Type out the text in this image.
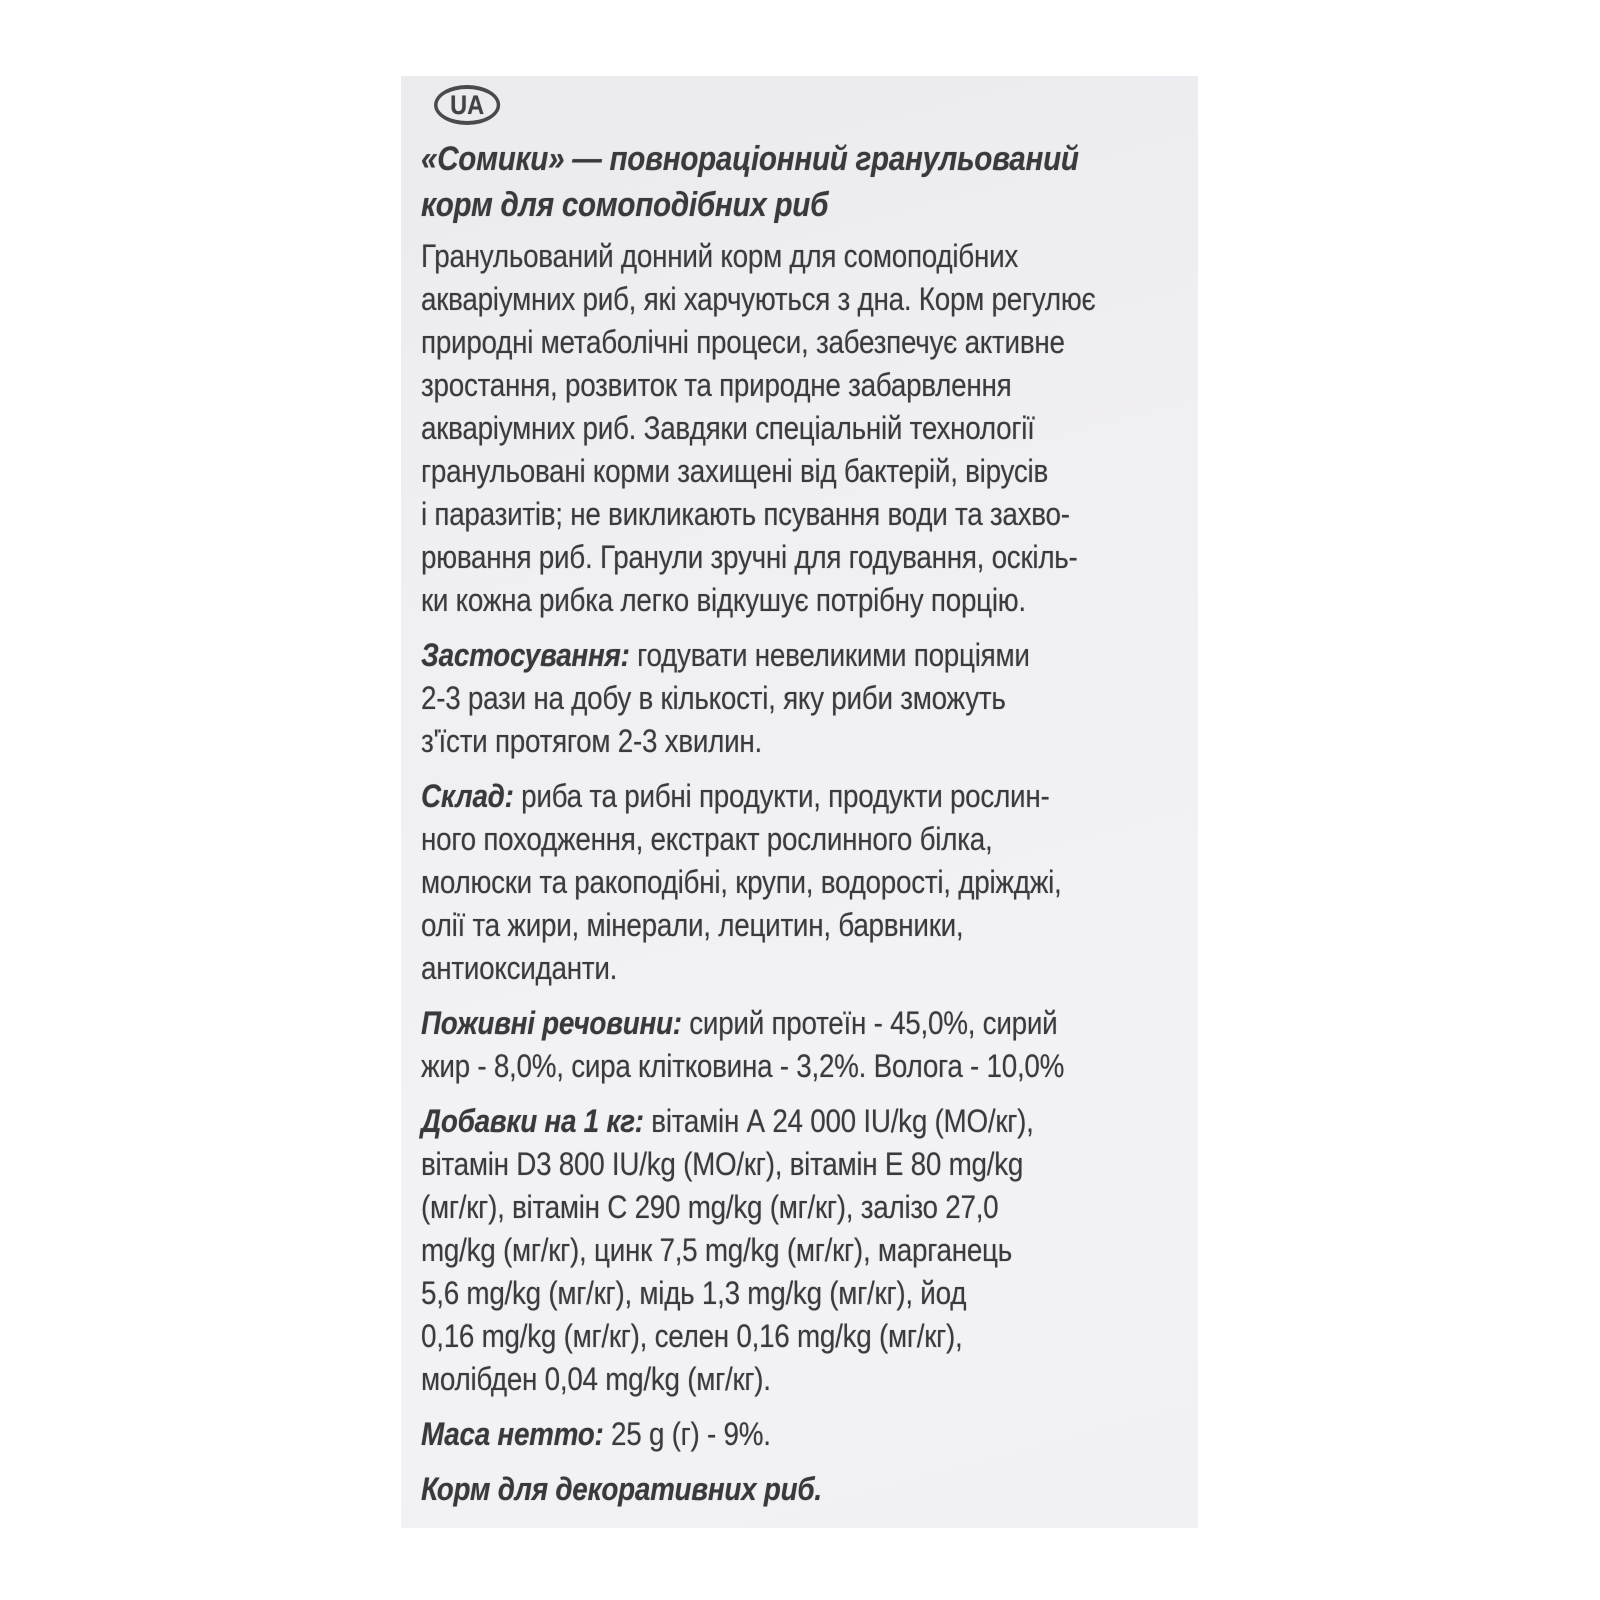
UA
«Сомики» — повнораціонний гранульований
корм для сомоподібних риб
Гранульований донний корм для сомоподібних
акваріумних риб, які харчуються з дна. Корм регулює
природні метаболічні процеси, забезпечує активне
зростання, розвиток та природне забарвлення
акваріумних риб. Завдяки спеціальній технології
гранульовані корми захищені від бактерій, вірусів
і паразитів; не викликають псування води та захво-
рювання риб. Гранули зручні для годування, оскіль-
ки кожна рибка легко відкушує потрібну порцію.
Застосування: годувати невеликими порціями
2-3 рази на добу в кількості, яку риби зможуть
з'їсти протягом 2-3 хвилин.
Склад: риба та рибні продукти, продукти рослин-
ного походження, екстракт рослинного білка,
молюски та ракоподібні, крупи, водорості, дріжджі,
олії та жири, мінерали, лецитин, барвники,
антиоксиданти.
Поживні речовини: сирий протеїн - 45,0%, сирий
жир - 8,0%, сира клітковина - 3,2%. Волога - 10,0%
Добавки на 1 кг: вітамін А 24 000 IU/kg (МО/кг),
вітамін D3 800 IU/kg (МО/кг), вітамін Е 80 mg/kg
(мг/кг), вітамін С 290 mg/kg (мг/кг), залізо 27,0
mg/kg (мг/кг), цинк 7,5 mg/kg (мг/кг), марганець
5,6 mg/kg (мг/кг), мідь 1,3 mg/kg (мг/кг), йод
0,16 mg/kg (мг/кг), селен 0,16 mg/kg (мг/кг),
молібден 0,04 mg/kg (мг/кг).
Маса нетто: 25 g (г) - 9%.
Корм для декоративних риб.
